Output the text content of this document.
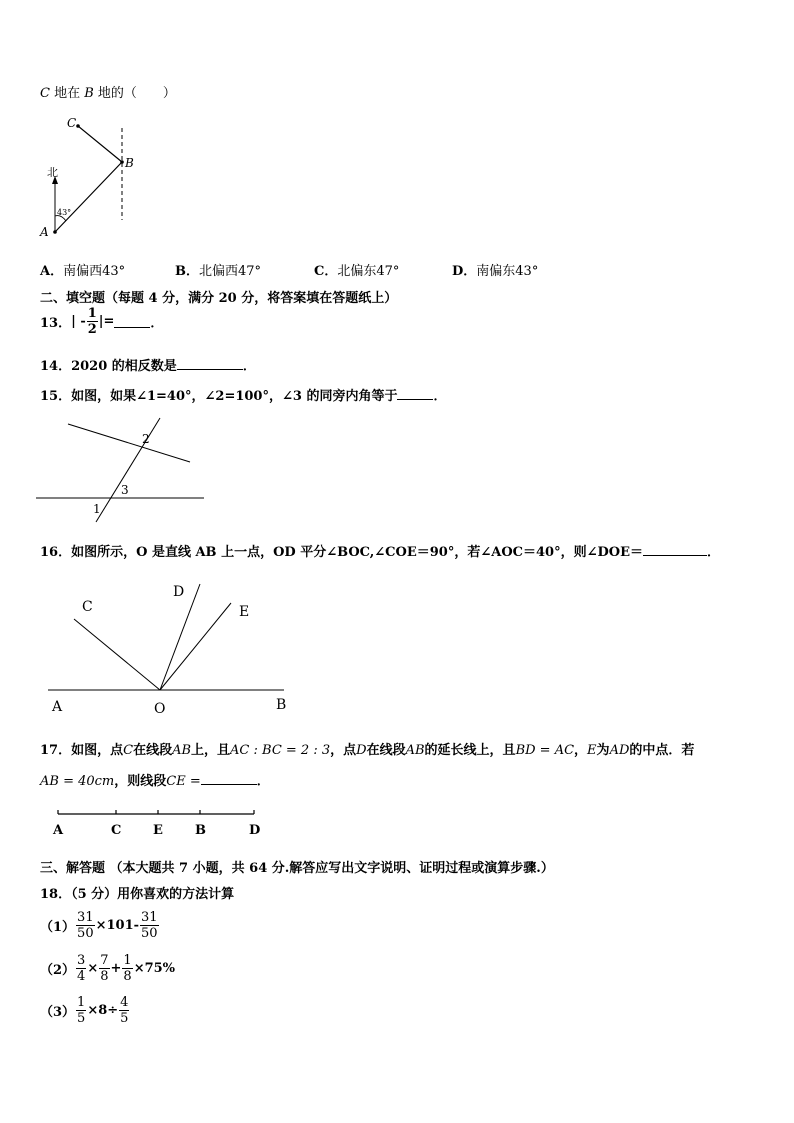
C 地在 B 地的（　　）
C
B
A
北
43°
A．南偏西43°	B．北偏西47°	C．北偏东47°	D．南偏东43°
二、填空题（每题 4 分，满分 20 分，将答案填在答题纸上）
13． | - $\frac{1}{2}$ |=	．
14．2020 的相反数是	．
15．如图，如果∠1=40°，∠2=100°，∠3 的同旁内角等于	．
2
3
1
16．如图所示，O 是直线 AB 上一点，OD 平分∠BOC,∠COE＝90°，若∠AOC＝40°，则∠DOE＝	．
C
D
E
A	O	B
17．如图，点C在线段AB上，且AC : BC = 2 : 3，点D在线段AB的延长线上，且BD = AC，E为AD的中点．若
AB = 40cm，则线段CE =	．
A	C E B	D
三、解答题 （本大题共 7 小题，共 64 分.解答应写出文字说明、证明过程或演算步骤.）
18．（5 分）用你喜欢的方法计算
$(1) \frac{31}{50} \times 101- \frac{31}{50}$
$(2) \frac{3}{4} \times \frac{7}{8} + \frac{1}{8} \times 75\%$
$(3) \frac{1}{5} \times 8\div \frac{4}{5}$
